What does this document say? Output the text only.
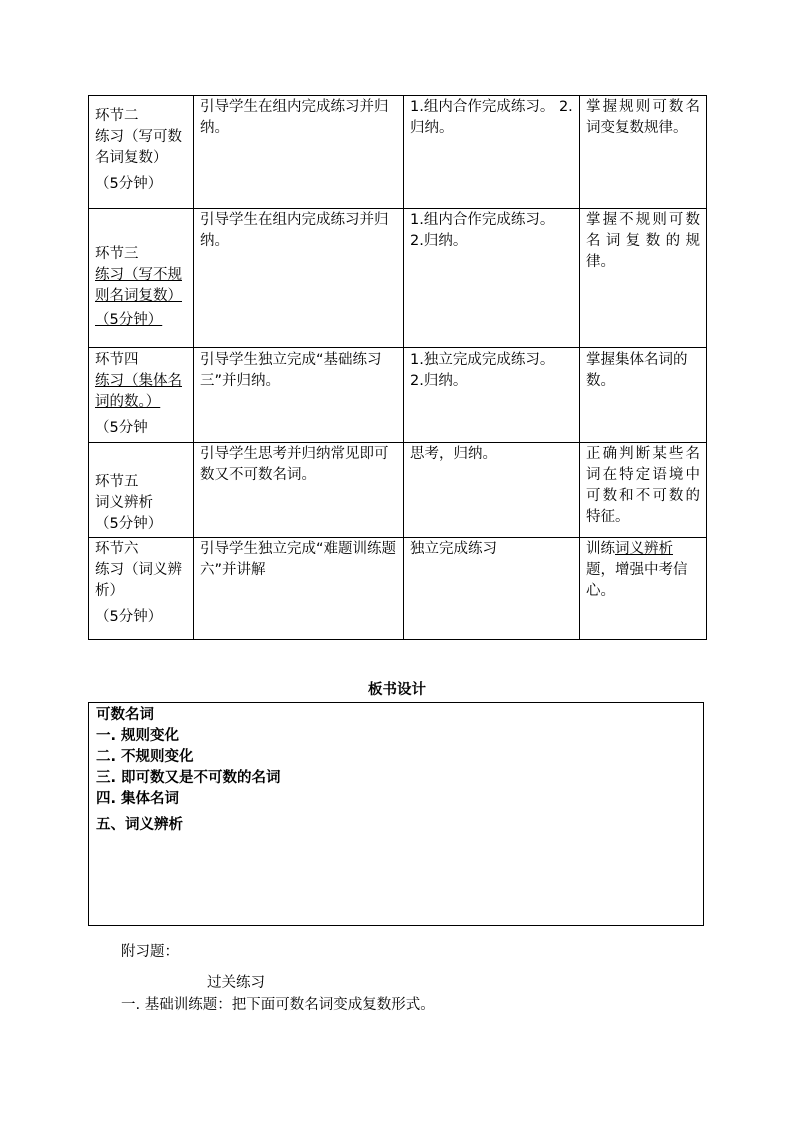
环节二
练习（写可数
名词复数）
（5分钟）	引导学生在组内完成练习并归纳。	1.组内合作完成练习。 2.归纳。	掌握规则可数名词变复数规律。

环节三
练习（写不规
则名词复数）
（5分钟）	引导学生在组内完成练习并归纳。	1.组内合作完成练习。
2.归纳。	掌握不规则可数名词复数的规律。

环节四
练习（集体名
词的数。）
（5分钟	引导学生独立完成“基础练习三”并归纳。	1.独立完成完成练习。
2.归纳。	掌握集体名词的数。

环节五
词义辨析
（5分钟）	引导学生思考并归纳常见即可数又不可数名词。	思考，归纳。	正确判断某些名词在特定语境中可数和不可数的特征。

环节六
练习（词义辨
析）
（5分钟）	引导学生独立完成“难题训练题六”并讲解	独立完成练习	训练词义辨析题，增强中考信心。
板书设计
可数名词
一. 规则变化
二. 不规则变化
三. 即可数又是不可数的名词
四. 集体名词
五、词义辨析
附习题：
过关练习
一. 基础训练题：把下面可数名词变成复数形式。
